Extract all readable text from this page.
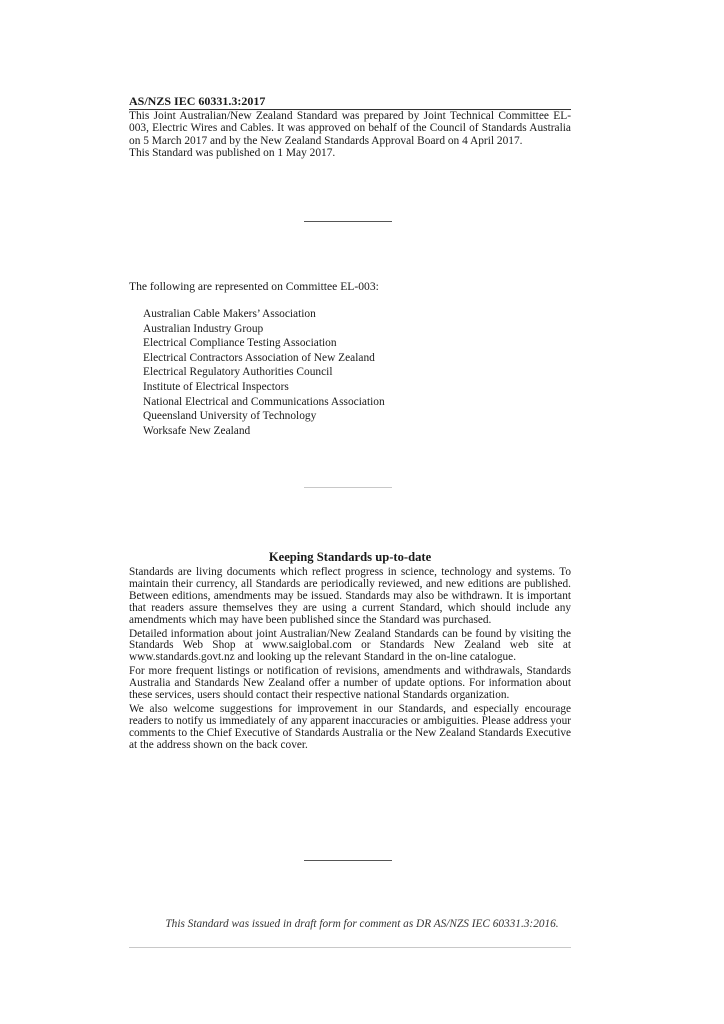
AS/NZS IEC 60331.3:2017

This Joint Australian/New Zealand Standard was prepared by Joint Technical Committee EL-003, Electric Wires and Cables. It was approved on behalf of the Council of Standards Australia on 5 March 2017 and by the New Zealand Standards Approval Board on 4 April 2017.

This Standard was published on 1 May 2017.

The following are represented on Committee EL-003:
Australian Cable Makers’ Association
Australian Industry Group
Electrical Compliance Testing Association
Electrical Contractors Association of New Zealand
Electrical Regulatory Authorities Council
Institute of Electrical Inspectors
National Electrical and Communications Association
Queensland University of Technology
Worksafe New Zealand
Keeping Standards up-to-date

Standards are living documents which reflect progress in science, technology and systems. To maintain their currency, all Standards are periodically reviewed, and new editions are published. Between editions, amendments may be issued. Standards may also be withdrawn. It is important that readers assure themselves they are using a current Standard, which should include any amendments which may have been published since the Standard was purchased.

Detailed information about joint Australian/New Zealand Standards can be found by visiting the Standards Web Shop at www.saiglobal.com or Standards New Zealand web site at www.standards.govt.nz and looking up the relevant Standard in the on-line catalogue.

For more frequent listings or notification of revisions, amendments and withdrawals, Standards Australia and Standards New Zealand offer a number of update options. For information about these services, users should contact their respective national Standards organization.

We also welcome suggestions for improvement in our Standards, and especially encourage readers to notify us immediately of any apparent inaccuracies or ambiguities. Please address your comments to the Chief Executive of Standards Australia or the New Zealand Standards Executive at the address shown on the back cover.

This Standard was issued in draft form for comment as DR AS/NZS IEC 60331.3:2016.
